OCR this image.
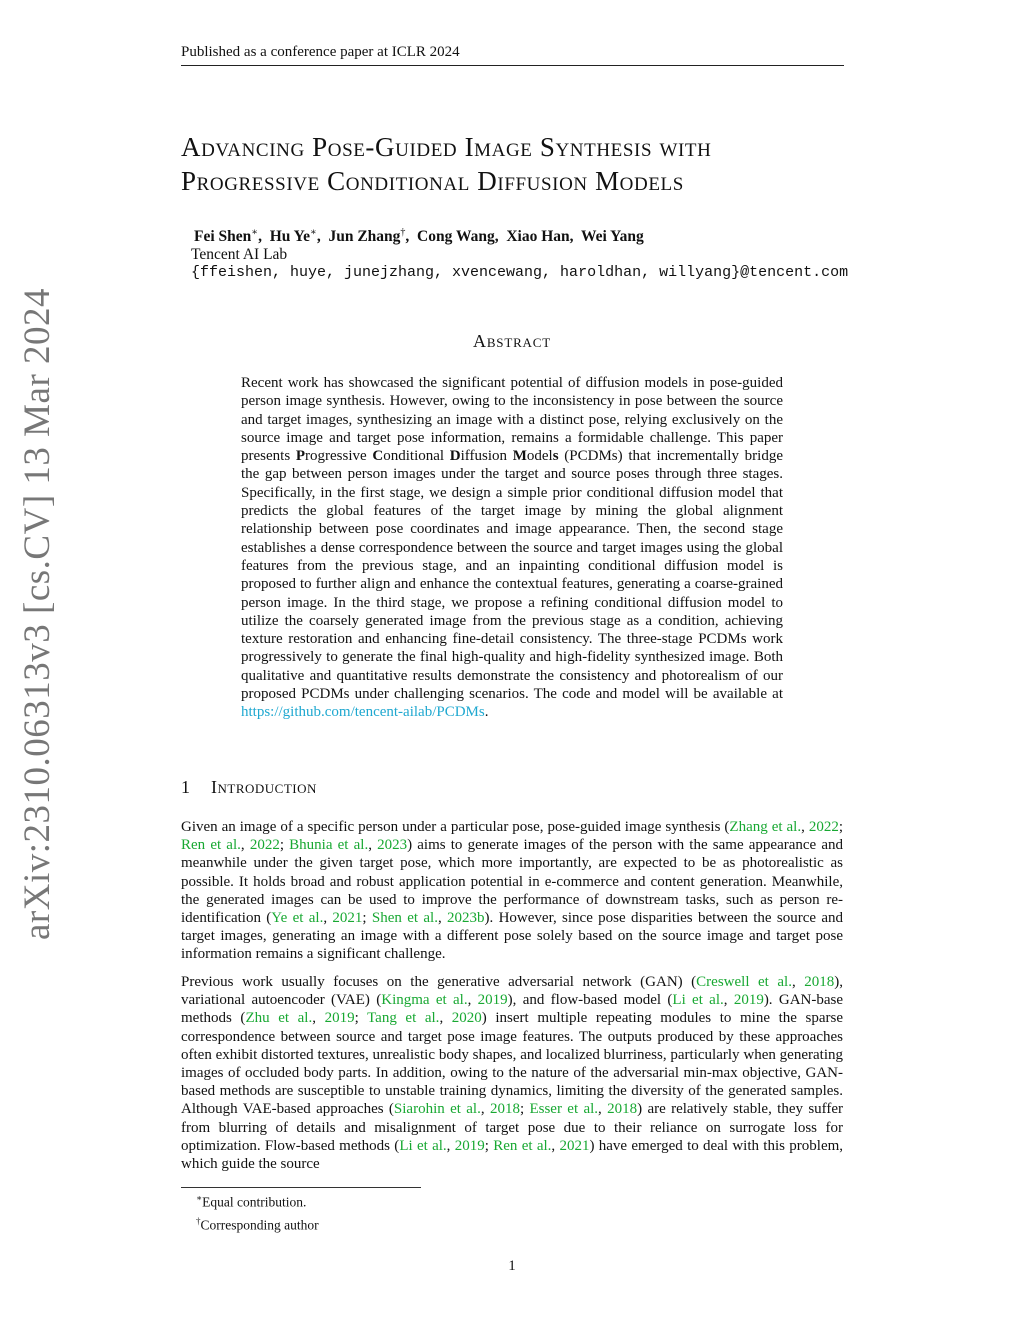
Published as a conference paper at ICLR 2024
Advancing Pose-Guided Image Synthesis with
Progressive Conditional Diffusion Models
Fei Shen∗,  Hu Ye∗,  Jun Zhang†,  Cong Wang,  Xiao Han,  Wei Yang
Tencent AI Lab
{ffeishen, huye, junejzhang, xvencewang, haroldhan, willyang}@tencent.com
Abstract
Recent work has showcased the significant potential of diffusion models in pose-guided person image synthesis. However, owing to the inconsistency in pose between the source and target images, synthesizing an image with a distinct pose, relying exclusively on the source image and target pose information, remains a formidable challenge. This paper presents Progressive Conditional Diffusion Models (PCDMs) that incrementally bridge the gap between person images under the target and source poses through three stages. Specifically, in the first stage, we design a simple prior conditional diffusion model that predicts the global features of the target image by mining the global alignment relationship between pose coordinates and image appearance. Then, the second stage establishes a dense correspondence between the source and target images using the global features from the previous stage, and an inpainting conditional diffusion model is proposed to further align and enhance the contextual features, generating a coarse-grained person image. In the third stage, we propose a refining conditional diffusion model to utilize the coarsely generated image from the previous stage as a condition, achieving texture restoration and enhancing fine-detail consistency. The three-stage PCDMs work progressively to generate the final high-quality and high-fidelity synthesized image. Both qualitative and quantitative results demonstrate the consistency and photorealism of our proposed PCDMs under challenging scenarios. The code and model will be available at https://github.com/tencent-ailab/PCDMs.
1 Introduction
Given an image of a specific person under a particular pose, pose-guided image synthesis (Zhang et al., 2022; Ren et al., 2022; Bhunia et al., 2023) aims to generate images of the person with the same appearance and meanwhile under the given target pose, which more importantly, are expected to be as photorealistic as possible. It holds broad and robust application potential in e-commerce and content generation. Meanwhile, the generated images can be used to improve the performance of downstream tasks, such as person re-identification (Ye et al., 2021; Shen et al., 2023b). However, since pose disparities between the source and target images, generating an image with a different pose solely based on the source image and target pose information remains a significant challenge.
Previous work usually focuses on the generative adversarial network (GAN) (Creswell et al., 2018), variational autoencoder (VAE) (Kingma et al., 2019), and flow-based model (Li et al., 2019). GAN-base methods (Zhu et al., 2019; Tang et al., 2020) insert multiple repeating modules to mine the sparse correspondence between source and target pose image features. The outputs produced by these approaches often exhibit distorted textures, unrealistic body shapes, and localized blurriness, particularly when generating images of occluded body parts. In addition, owing to the nature of the adversarial min-max objective, GAN-based methods are susceptible to unstable training dynamics, limiting the diversity of the generated samples. Although VAE-based approaches (Siarohin et al., 2018; Esser et al., 2018) are relatively stable, they suffer from blurring of details and misalignment of target pose due to their reliance on surrogate loss for optimization. Flow-based methods (Li et al., 2019; Ren et al., 2021) have emerged to deal with this problem, which guide the source
∗Equal contribution.
†Corresponding author
1
arXiv:2310.06313v3 [cs.CV] 13 Mar 2024
